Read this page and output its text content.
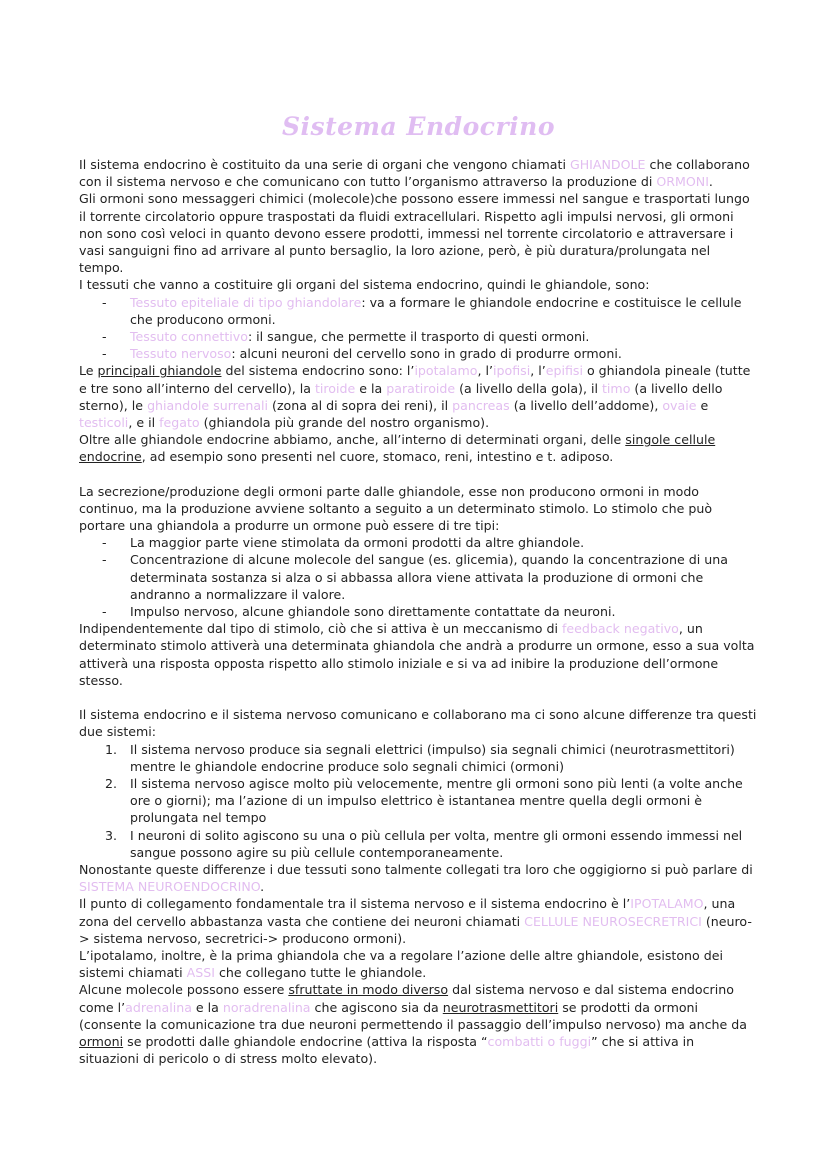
Sistema Endocrino

Il sistema endocrino è costituito da una serie di organi che vengono chiamati GHIANDOLE che collaborano con il sistema nervoso e che comunicano con tutto l’organismo attraverso la produzione di ORMONI.

Gli ormoni sono messaggeri chimici (molecole)che possono essere immessi nel sangue e trasportati lungo il torrente circolatorio oppure traspostati da fluidi extracellulari. Rispetto agli impulsi nervosi, gli ormoni non sono così veloci in quanto devono essere prodotti, immessi nel torrente circolatorio e attraversare i vasi sanguigni fino ad arrivare al punto bersaglio, la loro azione, però, è più duratura/prolungata nel tempo.

I tessuti che vanno a costituire gli organi del sistema endocrino, quindi le ghiandole, sono:

- Tessuto epiteliale di tipo ghiandolare: va a formare le ghiandole endocrine e costituisce le cellule che producono ormoni.
- Tessuto connettivo: il sangue, che permette il trasporto di questi ormoni.
- Tessuto nervoso: alcuni neuroni del cervello sono in grado di produrre ormoni.

Le principali ghiandole del sistema endocrino sono: l’ipotalamo, l’ipofisi, l’epifisi o ghiandola pineale (tutte e tre sono all’interno del cervello), la tiroide e la paratiroide (a livello della gola), il timo (a livello dello sterno), le ghiandole surrenali (zona al di sopra dei reni), il pancreas (a livello dell’addome), ovaie e testicoli, e il fegato (ghiandola più grande del nostro organismo).

Oltre alle ghiandole endocrine abbiamo, anche, all’interno di determinati organi, delle singole cellule endocrine, ad esempio sono presenti nel cuore, stomaco, reni, intestino e t. adiposo.

La secrezione/produzione degli ormoni parte dalle ghiandole, esse non producono ormoni in modo continuo, ma la produzione avviene soltanto a seguito a un determinato stimolo. Lo stimolo che può portare una ghiandola a produrre un ormone può essere di tre tipi:

- La maggior parte viene stimolata da ormoni prodotti da altre ghiandole.
- Concentrazione di alcune molecole del sangue (es. glicemia), quando la concentrazione di una determinata sostanza si alza o si abbassa allora viene attivata la produzione di ormoni che andranno a normalizzare il valore.
- Impulso nervoso, alcune ghiandole sono direttamente contattate da neuroni.

Indipendentemente dal tipo di stimolo, ciò che si attiva è un meccanismo di feedback negativo, un determinato stimolo attiverà una determinata ghiandola che andrà a produrre un ormone, esso a sua volta attiverà una risposta opposta rispetto allo stimolo iniziale e si va ad inibire la produzione dell’ormone stesso.

Il sistema endocrino e il sistema nervoso comunicano e collaborano ma ci sono alcune differenze tra questi due sistemi:

1. Il sistema nervoso produce sia segnali elettrici (impulso) sia segnali chimici (neurotrasmettitori) mentre le ghiandole endocrine produce solo segnali chimici (ormoni)
2. Il sistema nervoso agisce molto più velocemente, mentre gli ormoni sono più lenti (a volte anche ore o giorni); ma l’azione di un impulso elettrico è istantanea mentre quella degli ormoni è prolungata nel tempo
3. I neuroni di solito agiscono su una o più cellula per volta, mentre gli ormoni essendo immessi nel sangue possono agire su più cellule contemporaneamente.

Nonostante queste differenze i due tessuti sono talmente collegati tra loro che oggigiorno si può parlare di SISTEMA NEUROENDOCRINO.

Il punto di collegamento fondamentale tra il sistema nervoso e il sistema endocrino è l’IPOTALAMO, una zona del cervello abbastanza vasta che contiene dei neuroni chiamati CELLULE NEUROSECRETRICI (neuro-> sistema nervoso, secretrici-> producono ormoni).

L’ipotalamo, inoltre, è la prima ghiandola che va a regolare l’azione delle altre ghiandole, esistono dei sistemi chiamati ASSI che collegano tutte le ghiandole.

Alcune molecole possono essere sfruttate in modo diverso dal sistema nervoso e dal sistema endocrino come l’adrenalina e la noradrenalina che agiscono sia da neurotrasmettitori se prodotti da ormoni (consente la comunicazione tra due neuroni permettendo il passaggio dell’impulso nervoso) ma anche da ormoni se prodotti dalle ghiandole endocrine (attiva la risposta “combatti o fuggi” che si attiva in situazioni di pericolo o di stress molto elevato).
